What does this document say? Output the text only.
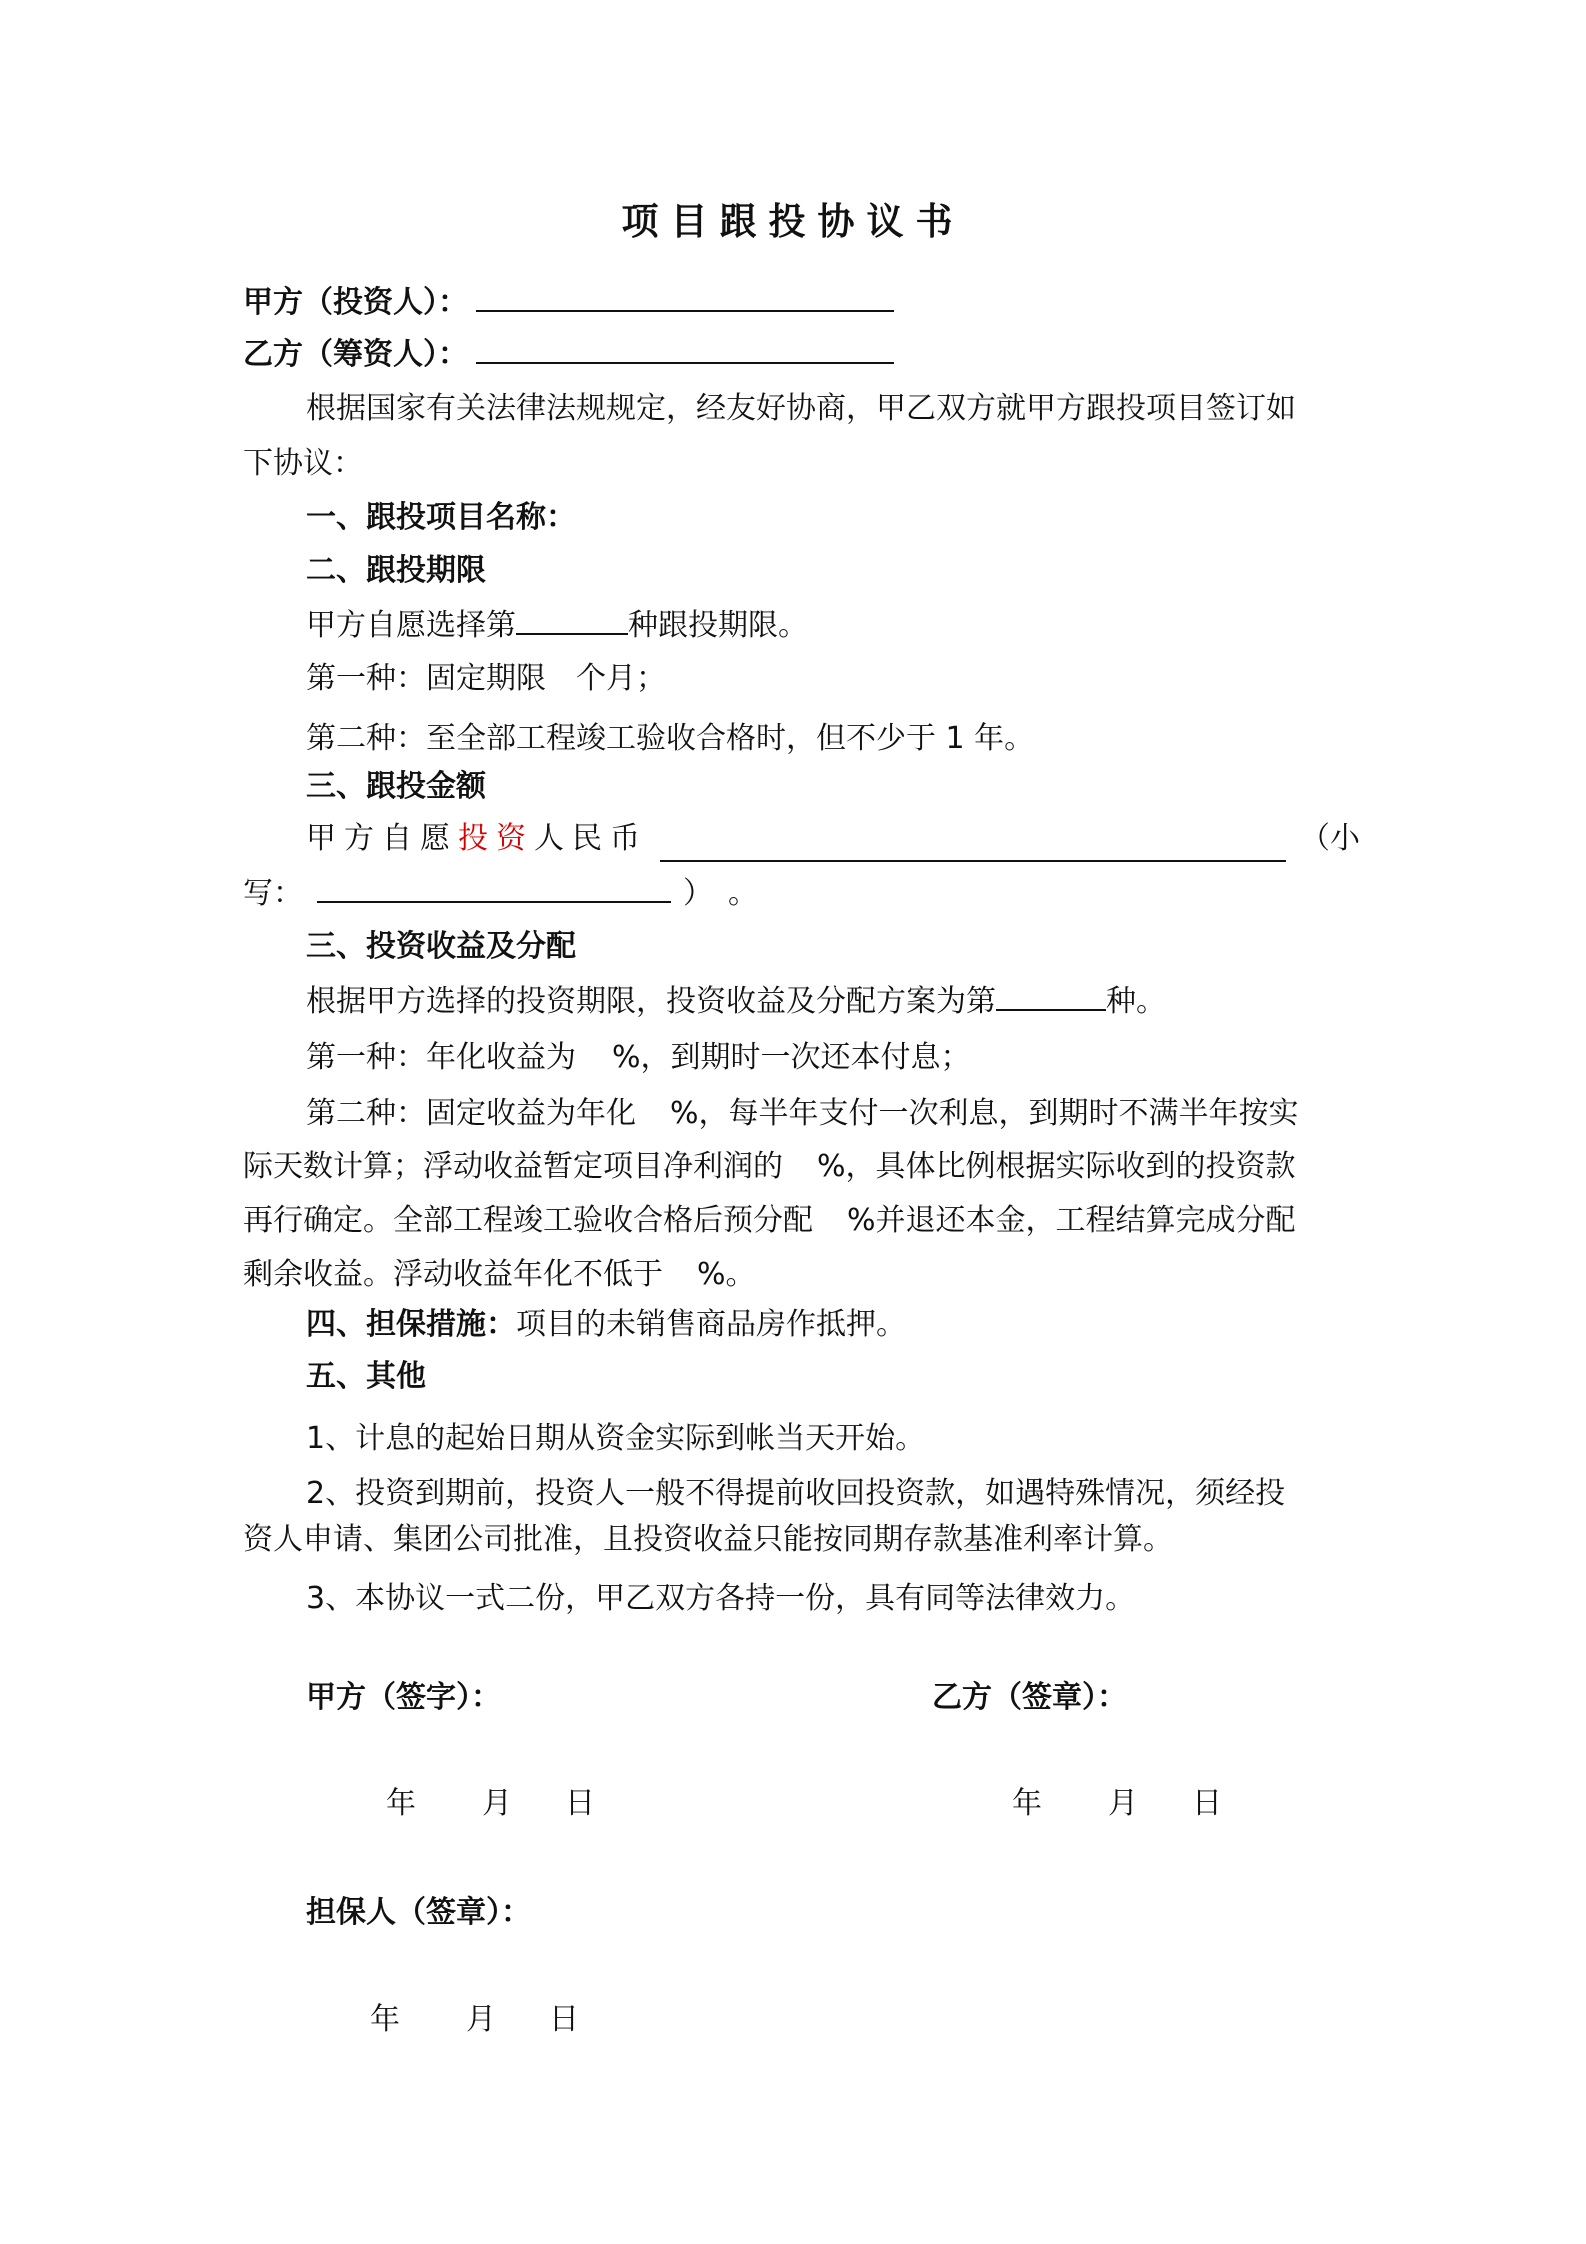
项目跟投协议书
甲方（投资人）：
乙方（筹资人）：
根据国家有关法律法规规定，经友好协商，甲乙双方就甲方跟投项目签订如
下协议：
一、跟投项目名称：
二、跟投期限
甲方自愿选择第	种跟投期限。
第一种：固定期限 个月；
第二种：至全部工程竣工验收合格时，但不少于 1 年。
三、跟投金额
甲方自愿投资人民币	（小
写：	）　。
三、投资收益及分配
根据甲方选择的投资期限，投资收益及分配方案为第	种。
第一种：年化收益为 %，到期时一次还本付息；
第二种：固定收益为年化 %，每半年支付一次利息，到期时不满半年按实
际天数计算；浮动收益暂定项目净利润的 %，具体比例根据实际收到的投资款
再行确定。全部工程竣工验收合格后预分配 %并退还本金，工程结算完成分配
剩余收益。浮动收益年化不低于 %。
四、担保措施：项目的未销售商品房作抵押。
五、其他
1、计息的起始日期从资金实际到帐当天开始。
2、投资到期前，投资人一般不得提前收回投资款，如遇特殊情况，须经投
资人申请、集团公司批准，且投资收益只能按同期存款基准利率计算。
3、本协议一式二份，甲乙双方各持一份，具有同等法律效力。
甲方（签字）：	乙方（签章）：
年 月 日	年 月 日
担保人（签章）：
年 月 日
